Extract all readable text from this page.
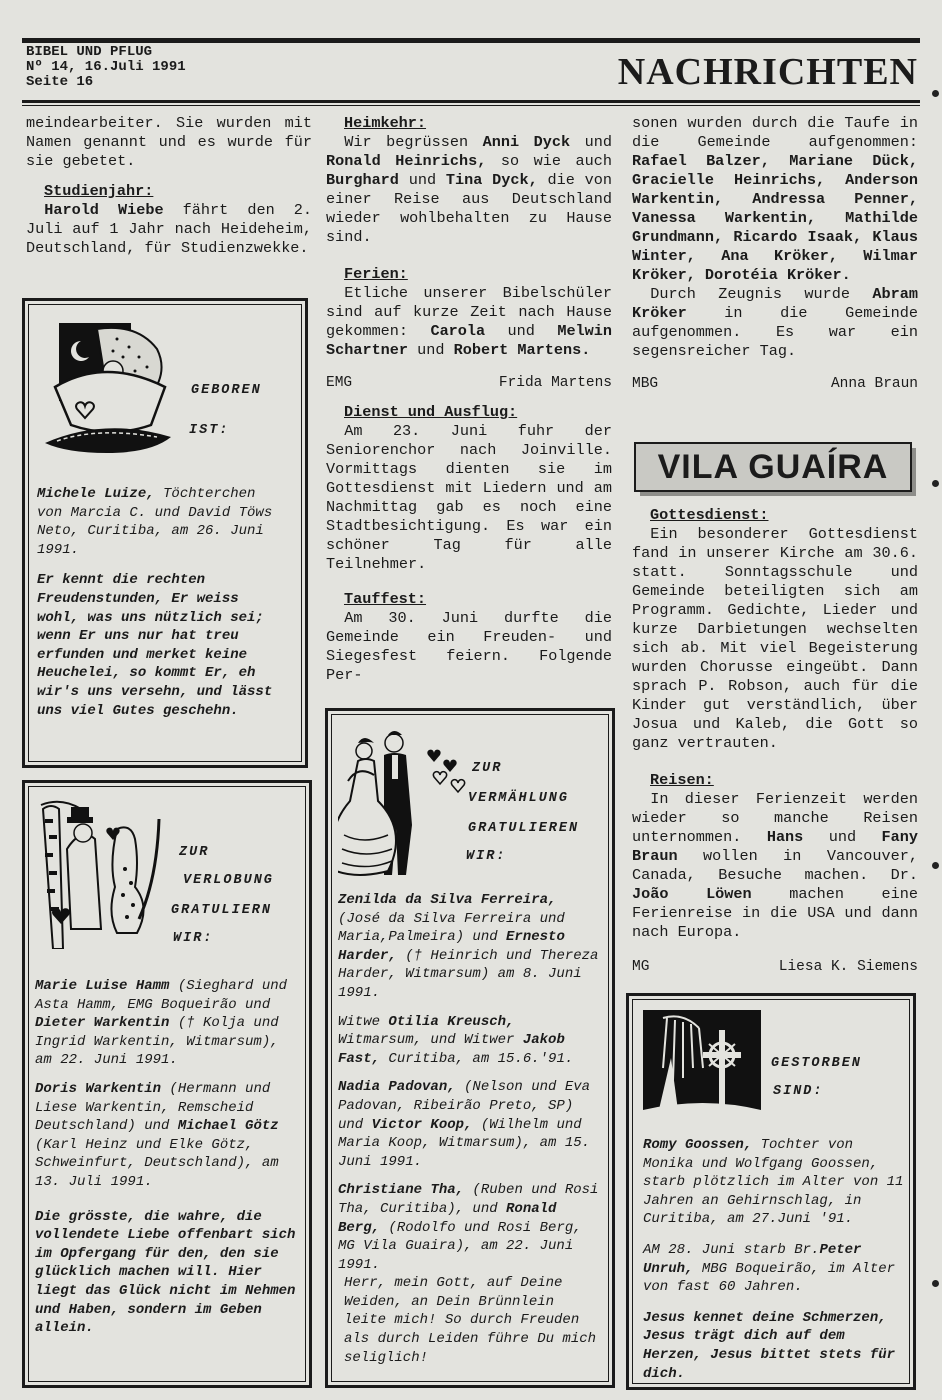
BIBEL UND PFLUG
Nº 14, 16.Juli 1991
Seite 16	NACHRICHTEN

meindearbeiter. Sie wurden mit Namen genannt und es wurde für sie gebetet.

Studienjahr:

Harold Wiebe fährt den 2. Juli auf 1 Jahr nach Heideheim, Deutschland, für Studienzwekke.

GEBOREN
IST:

Michele Luize, Töchterchen von Marcia C. und David Töws Neto, Curitiba, am 26. Juni 1991.

Er kennt die rechten Freudenstunden, Er weiss wohl, was uns nützlich sei; wenn Er uns nur hat treu erfunden und merket keine Heuchelei, so kommt Er, eh wir's uns versehn, und lässt uns viel Gutes geschehn.

ZUR
VERLOBUNG
GRATULIERN
WIR:

Marie Luise Hamm (Sieghard und Asta Hamm, EMG Boqueirão und Dieter Warkentin († Kolja und Ingrid Warkentin, Witmarsum), am 22. Juni 1991.

Doris Warkentin (Hermann und Liese Warkentin, Remscheid Deutschland) und Michael Götz (Karl Heinz und Elke Götz, Schweinfurt, Deutschland), am 13. Juli 1991.

Die grösste, die wahre, die vollendete Liebe offenbart sich im Opfergang für den, den sie glücklich machen will. Hier liegt das Glück nicht im Nehmen und Haben, sondern im Geben allein.

Heimkehr:

Wir begrüssen Anni Dyck und Ronald Heinrichs, so wie auch Burghard und Tina Dyck, die von einer Reise aus Deutschland wieder wohlbehalten zu Hause sind.

Ferien:

Etliche unserer Bibelschüler sind auf kurze Zeit nach Hause gekommen: Carola und Melwin Schartner und Robert Martens.

EMG	Frida Martens

Dienst und Ausflug:

Am 23. Juni fuhr der Seniorenchor nach Joinville. Vormittags dienten sie im Gottesdienst mit Liedern und am Nachmittag gab es noch eine Stadtbesichtigung. Es war ein schöner Tag für alle Teilnehmer.

Tauffest:

Am 30. Juni durfte die Gemeinde ein Freuden- und Siegesfest feiern. Folgende Per-

ZUR
VERMÄHLUNG
GRATULIEREN
WIR:

Zenilda da Silva Ferreira, (José da Silva Ferreira und Maria,Palmeira) und Ernesto Harder, († Heinrich und Thereza Harder, Witmarsum) am 8. Juni 1991.

Witwe Otilia Kreusch, Witmarsum, und Witwer Jakob Fast, Curitiba, am 15.6.'91.

Nadia Padovan, (Nelson und Eva Padovan, Ribeirão Preto, SP) und Victor Koop, (Wilhelm und Maria Koop, Witmarsum), am 15. Juni 1991.

Christiane Tha, (Ruben und Rosi Tha, Curitiba), und Ronald Berg, (Rodolfo und Rosi Berg, MG Vila Guaira), am 22. Juni 1991.

Herr, mein Gott, auf Deine Weiden, an Dein Brünnlein leite mich! So durch Freuden als durch Leiden führe Du mich seliglich!

sonen wurden durch die Taufe in die Gemeinde aufgenommen: Rafael Balzer, Mariane Dück, Gracielle Heinrichs, Anderson Warkentin, Andressa Penner, Vanessa Warkentin, Mathilde Grundmann, Ricardo Isaak, Klaus Winter, Ana Kröker, Wilmar Kröker, Dorotéia Kröker.

Durch Zeugnis wurde Abram Kröker in die Gemeinde aufgenommen. Es war ein segensreicher Tag.

MBG	Anna Braun
VILA GUAÍRA

Gottesdienst:

Ein besonderer Gottesdienst fand in unserer Kirche am 30.6. statt. Sonntagsschule und Gemeinde beteiligten sich am Programm. Gedichte, Lieder und kurze Darbietungen wechselten sich ab. Mit viel Begeisterung wurden Chorusse eingeübt. Dann sprach P. Robson, auch für die Kinder gut verständlich, über Josua und Kaleb, die Gott so ganz vertrauten.

Reisen:

In dieser Ferienzeit werden wieder so manche Reisen unternommen. Hans und Fany Braun wollen in Vancouver, Canada, Besuche machen. Dr. João Löwen machen eine Ferienreise in die USA und dann nach Europa.

MG	Liesa K. Siemens
GESTORBEN
SIND:

Romy Goossen, Tochter von Monika und Wolfgang Goossen, starb plötzlich im Alter von 11 Jahren an Gehirnschlag, in Curitiba, am 27.Juni '91.

AM 28. Juni starb Br.Peter Unruh, MBG Boqueirão, im Alter von fast 60 Jahren.

Jesus kennet deine Schmerzen, Jesus trägt dich auf dem Herzen, Jesus bittet stets für dich.
